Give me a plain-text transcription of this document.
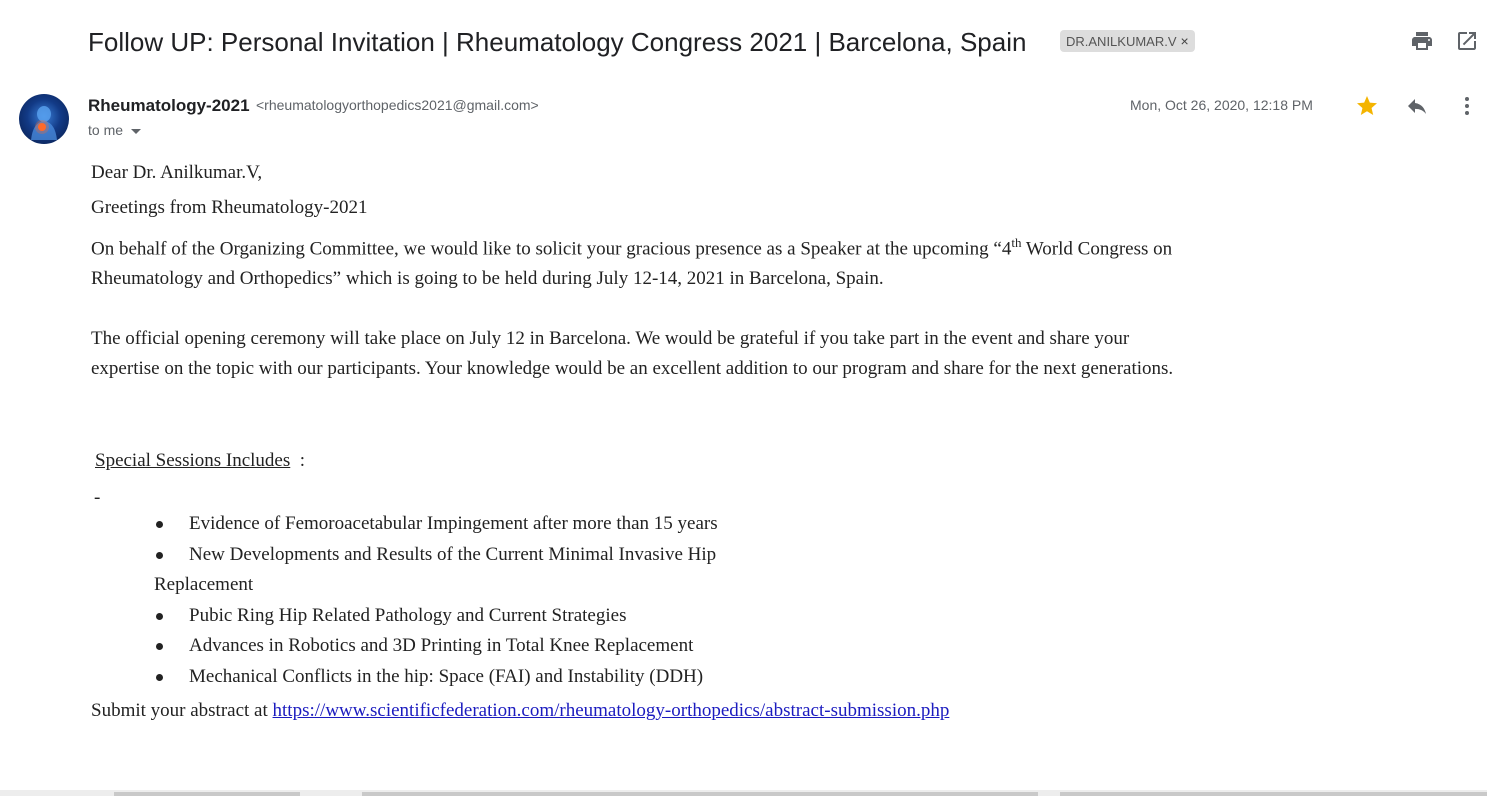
Follow UP: Personal Invitation | Rheumatology Congress 2021 | Barcelona, Spain	DR.ANILKUMAR.V ×
Rheumatology-2021 <rheumatologyorthopedics2021@gmail.com>
to me
Mon, Oct 26, 2020, 12:18 PM

Dear Dr. Anilkumar.V,

Greetings from Rheumatology-2021

On behalf of the Organizing Committee, we would like to solicit your gracious presence as a Speaker at the upcoming “4th World Congress on Rheumatology and Orthopedics” which is going to be held during July 12-14, 2021 in Barcelona, Spain.

The official opening ceremony will take place on July 12 in Barcelona. We would be grateful if you take part in the event and share your expertise on the topic with our participants. Your knowledge would be an excellent addition to our program and share for the next generations.

Special Sessions Includes :
-
Evidence of Femoroacetabular Impingement after more than 15 years
New Developments and Results of the Current Minimal Invasive Hip
Replacement
Pubic Ring Hip Related Pathology and Current Strategies
Advances in Robotics and 3D Printing in Total Knee Replacement
Mechanical Conflicts in the hip: Space (FAI) and Instability (DDH)
Submit your abstract at https://www.scientificfederation.com/rheumatology-orthopedics/abstract-submission.php
